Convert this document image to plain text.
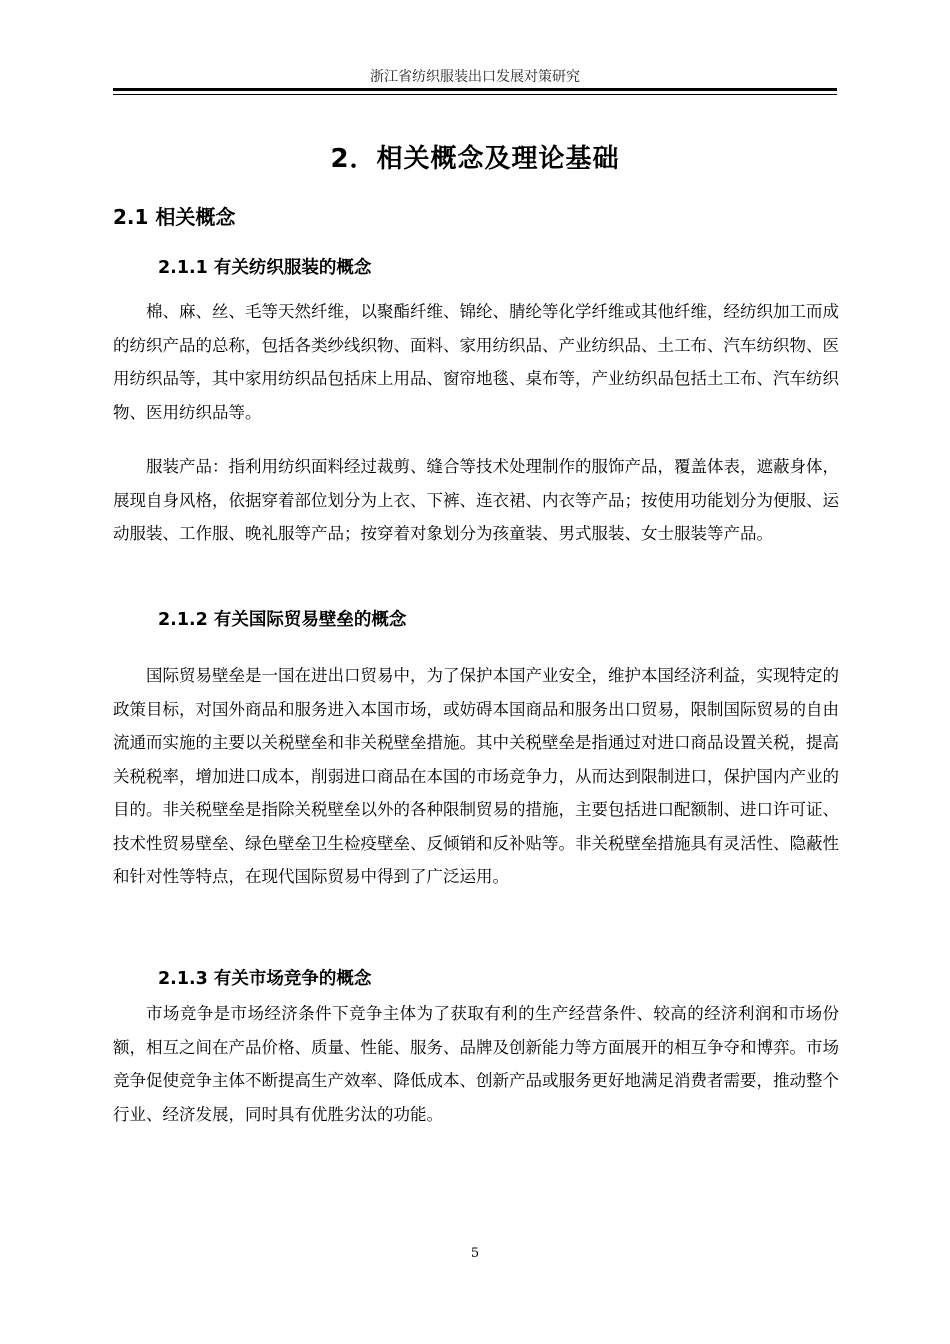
浙江省纺织服装出口发展对策研究
2．相关概念及理论基础
2.1 相关概念
2.1.1 有关纺织服装的概念

棉、麻、丝、毛等天然纤维，以聚酯纤维、锦纶、腈纶等化学纤维或其他纤维，经纺织加工而成的纺织产品的总称，包括各类纱线织物、面料、家用纺织品、产业纺织品、土工布、汽车纺织物、医用纺织品等，其中家用纺织品包括床上用品、窗帘地毯、桌布等，产业纺织品包括土工布、汽车纺织物、医用纺织品等。

服装产品：指利用纺织面料经过裁剪、缝合等技术处理制作的服饰产品，覆盖体表，遮蔽身体，展现自身风格，依据穿着部位划分为上衣、下裤、连衣裙、内衣等产品；按使用功能划分为便服、运动服装、工作服、晚礼服等产品；按穿着对象划分为孩童装、男式服装、女士服装等产品。

2.1.2 有关国际贸易壁垒的概念

国际贸易壁垒是一国在进出口贸易中，为了保护本国产业安全，维护本国经济利益，实现特定的政策目标，对国外商品和服务进入本国市场，或妨碍本国商品和服务出口贸易，限制国际贸易的自由流通而实施的主要以关税壁垒和非关税壁垒措施。其中关税壁垒是指通过对进口商品设置关税，提高关税税率，增加进口成本，削弱进口商品在本国的市场竞争力，从而达到限制进口，保护国内产业的目的。非关税壁垒是指除关税壁垒以外的各种限制贸易的措施，主要包括进口配额制、进口许可证、技术性贸易壁垒、绿色壁垒卫生检疫壁垒、反倾销和反补贴等。非关税壁垒措施具有灵活性、隐蔽性和针对性等特点，在现代国际贸易中得到了广泛运用。

2.1.3 有关市场竞争的概念

市场竞争是市场经济条件下竞争主体为了获取有利的生产经营条件、较高的经济利润和市场份额，相互之间在产品价格、质量、性能、服务、品牌及创新能力等方面展开的相互争夺和博弈。市场竞争促使竞争主体不断提高生产效率、降低成本、创新产品或服务更好地满足消费者需要，推动整个行业、经济发展，同时具有优胜劣汰的功能。

5
